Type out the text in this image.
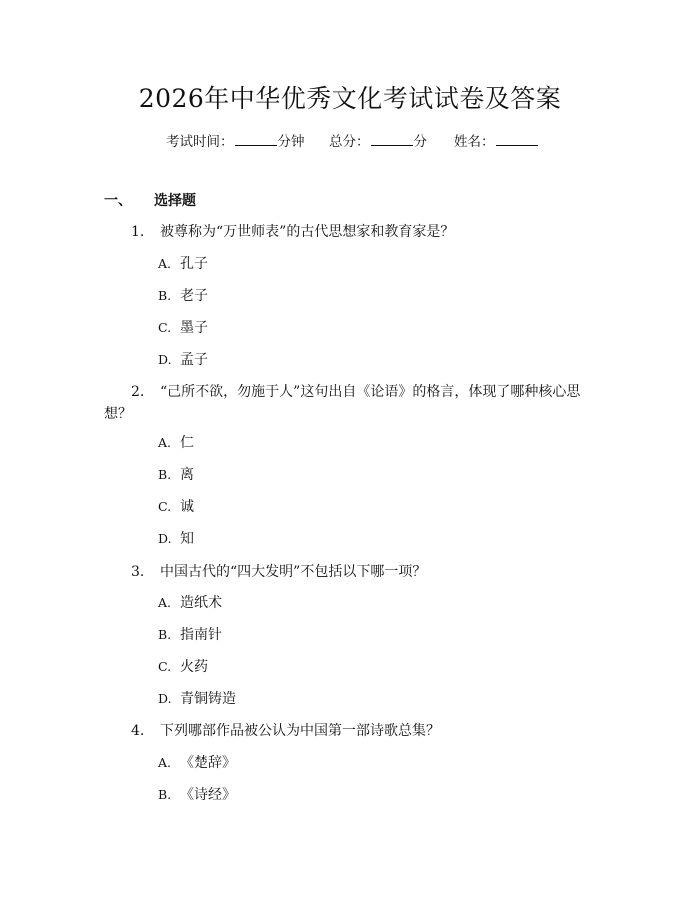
2026年中华优秀文化考试试卷及答案
考试时间：	分钟 总分：	分 姓名：
一、 选择题
1. 被尊称为“万世师表”的古代思想家和教育家是？
A. 孔子
B. 老子
C. 墨子
D. 孟子
2. “己所不欲，勿施于人”这句出自《论语》的格言，体现了哪种核心思想？
A. 仁
B. 离
C. 诚
D. 知
3. 中国古代的“四大发明”不包括以下哪一项？
A. 造纸术
B. 指南针
C. 火药
D. 青铜铸造
4. 下列哪部作品被公认为中国第一部诗歌总集？
A. 《楚辞》
B. 《诗经》
